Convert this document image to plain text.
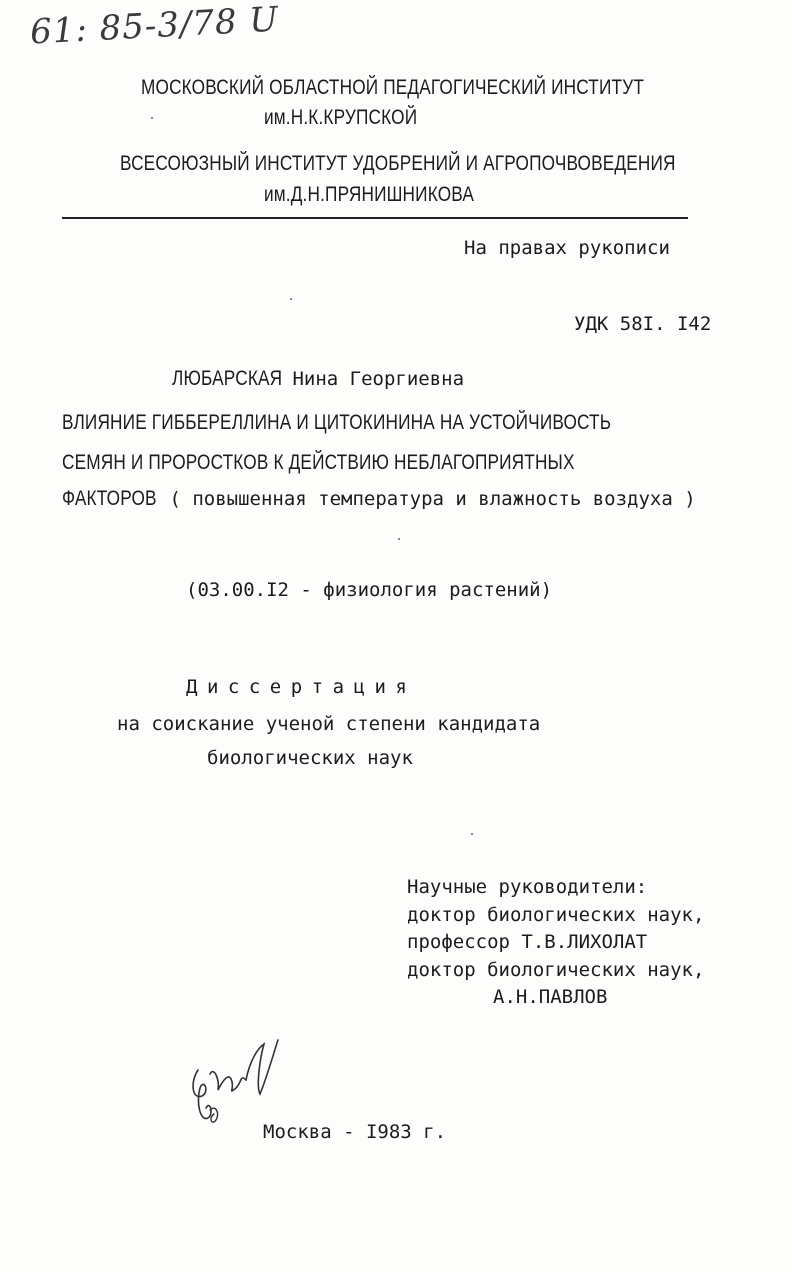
61: 85-3/78 U
МОСКОВСКИЙ ОБЛАСТНОЙ ПЕДАГОГИЧЕСКИЙ ИНСТИТУТ
им.Н.К.КРУПСКОЙ
ВСЕСОЮЗНЫЙ ИНСТИТУТ УДОБРЕНИЙ И АГРОПОЧВОВЕДЕНИЯ
им.Д.Н.ПРЯНИШНИКОВА
На правах рукописи
УДК 58I. I42
ЛЮБАРСКАЯ Нина Георгиевна
ВЛИЯНИЕ ГИББЕРЕЛЛИНА И ЦИТОКИНИНА НА УСТОЙЧИВОСТЬ
СЕМЯН И ПРОРОСТКОВ К ДЕЙСТВИЮ НЕБЛАГОПРИЯТНЫХ
ФАКТОРОВ ( повышенная температура и влажность воздуха )
(03.00.I2 - физиология растений)
Диссертация
на соискание ученой степени кандидата
биологических наук
Научные руководители:
доктор биологических наук,
профессор Т.В.ЛИХОЛАТ
доктор биологических наук,
А.Н.ПАВЛОВ
Москва - I983 г.
